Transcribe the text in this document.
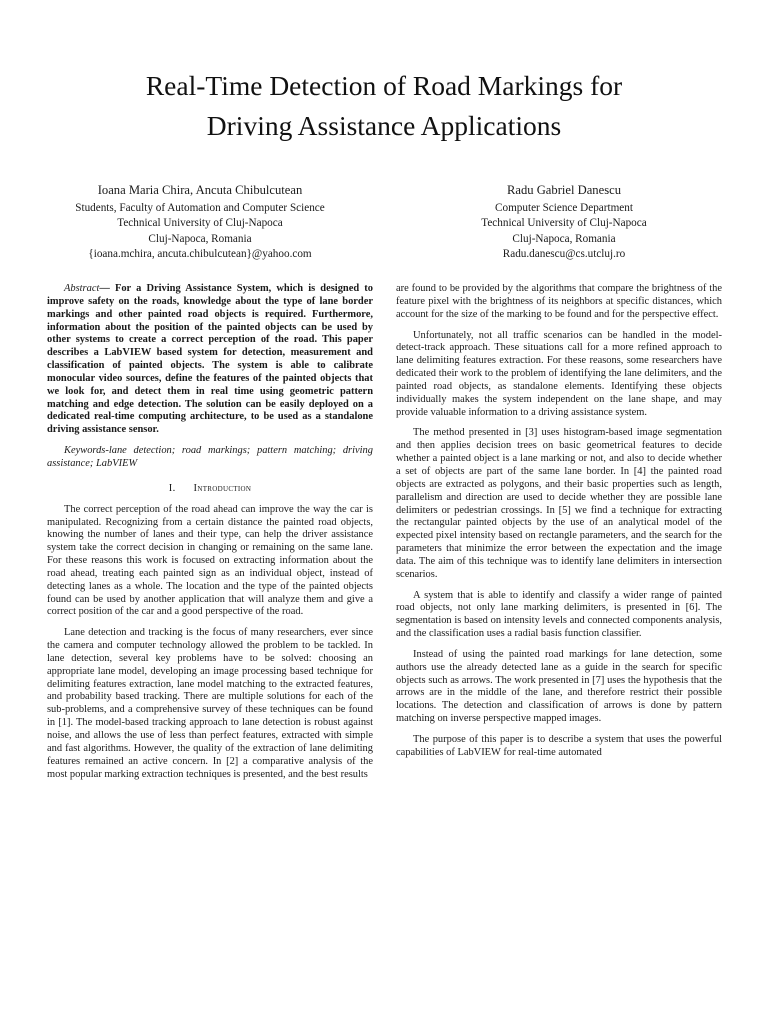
Real-Time Detection of Road Markings for
Driving Assistance Applications
Ioana Maria Chira, Ancuta Chibulcutean
Students, Faculty of Automation and Computer Science
Technical University of Cluj-Napoca
Cluj-Napoca, Romania
{ioana.mchira, ancuta.chibulcutean}@yahoo.com
Radu Gabriel Danescu
Computer Science Department
Technical University of Cluj-Napoca
Cluj-Napoca, Romania
Radu.danescu@cs.utcluj.ro

Abstract— For a Driving Assistance System, which is designed to improve safety on the roads, knowledge about the type of lane border markings and other painted road objects is required. Furthermore, information about the position of the painted objects can be used by other systems to create a correct perception of the road. This paper describes a LabVIEW based system for detection, measurement and classification of painted objects. The system is able to calibrate monocular video sources, define the features of the painted objects that we look for, and detect them in real time using geometric pattern matching and edge detection. The solution can be easily deployed on a dedicated real-time computing architecture, to be used as a standalone driving assistance sensor.

Keywords-lane detection; road markings; pattern matching; driving assistance; LabVIEW

I. Introduction

The correct perception of the road ahead can improve the way the car is manipulated. Recognizing from a certain distance the painted road objects, knowing the number of lanes and their type, can help the driver assistance system take the correct decision in changing or remaining on the same lane. For these reasons this work is focused on extracting information about the road ahead, treating each painted sign as an individual object, instead of detecting lanes as a whole. The location and the type of the painted objects found can be used by another application that will analyze them and give a correct position of the car and a good perspective of the road.

Lane detection and tracking is the focus of many researchers, ever since the camera and computer technology allowed the problem to be tackled. In lane detection, several key problems have to be solved: choosing an appropriate lane model, developing an image processing based technique for delimiting features extraction, lane model matching to the extracted features, and probability based tracking. There are multiple solutions for each of the sub-problems, and a comprehensive survey of these techniques can be found in [1]. The model-based tracking approach to lane detection is robust against noise, and allows the use of less than perfect features, extracted with simple and fast algorithms. However, the quality of the extraction of lane delimiting features remained an active concern. In [2] a comparative analysis of the most popular marking extraction techniques is presented, and the best results

are found to be provided by the algorithms that compare the brightness of the feature pixel with the brightness of its neighbors at specific distances, which account for the size of the marking to be found and for the perspective effect.

Unfortunately, not all traffic scenarios can be handled in the model-detect-track approach. These situations call for a more refined approach to lane delimiting features extraction. For these reasons, some researchers have dedicated their work to the problem of identifying the lane delimiters, and the painted road objects, as standalone elements. Identifying these objects individually makes the system independent on the lane shape, and may provide valuable information to a driving assistance system.

The method presented in [3] uses histogram-based image segmentation and then applies decision trees on basic geometrical features to decide whether a painted object is a lane marking or not, and also to decide whether a set of objects are part of the same lane border. In [4] the painted road objects are extracted as polygons, and their basic properties such as length, parallelism and direction are used to decide whether they are possible lane delimiters or pedestrian crossings. In [5] we find a technique for extracting the rectangular painted objects by the use of an analytical model of the expected pixel intensity based on rectangle parameters, and the search for the parameters that minimize the error between the expectation and the image data. The aim of this technique was to identify lane delimiters in intersection scenarios.

A system that is able to identify and classify a wider range of painted road objects, not only lane marking delimiters, is presented in [6]. The segmentation is based on intensity levels and connected components analysis, and the classification uses a radial basis function classifier.

Instead of using the painted road markings for lane detection, some authors use the already detected lane as a guide in the search for specific objects such as arrows. The work presented in [7] uses the hypothesis that the arrows are in the middle of the lane, and therefore restrict their possible locations. The detection and classification of arrows is done by pattern matching on inverse perspective mapped images.

The purpose of this paper is to describe a system that uses the powerful capabilities of LabVIEW for real-time automated
